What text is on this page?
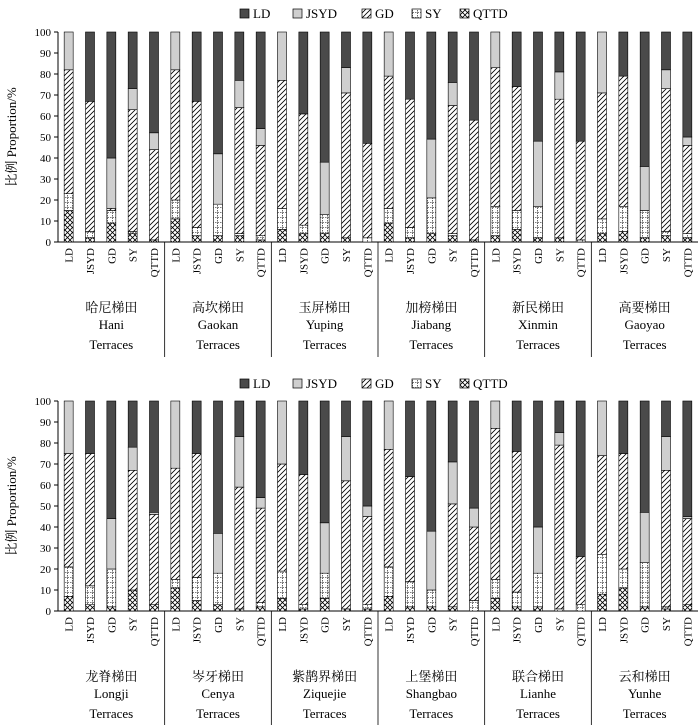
LD	JSYD	GD SY QTTD
0
10
20
30
40
50
60
70
80
90
100
比例 Proportion/%
LD JSYD GD SY QTTD
哈尼梯田
Hani
Terraces
LD JSYD GD SY QTTD
高坎梯田
Gaokan
Terraces
LD JSYD GD SY QTTD
玉屏梯田
Yuping
Terraces
LD JSYD GD SY QTTD
加榜梯田
Jiabang
Terraces
LD JSYD GD SY QTTD
新民梯田
Xinmin
Terraces
LD JSYD GD SY QTTD
高要梯田
Gaoyao
Terraces
LD	JSYD	GD SY QTTD
0
10
20
30
40
50
60
70
80
90
100
比例 Proportion/%
LD JSYD GD SY QTTD
龙脊梯田
Longji
Terraces
LD JSYD GD SY QTTD
岑牙梯田
Cenya
Terraces
LD JSYD GD SY QTTD
紫鹊界梯田
Ziquejie
Terraces
LD JSYD GD SY QTTD
上堡梯田
Shangbao
Terraces
LD JSYD GD SY QTTD
联合梯田
Lianhe
Terraces
LD JSYD GD SY QTTD
云和梯田
Yunhe
Terraces
